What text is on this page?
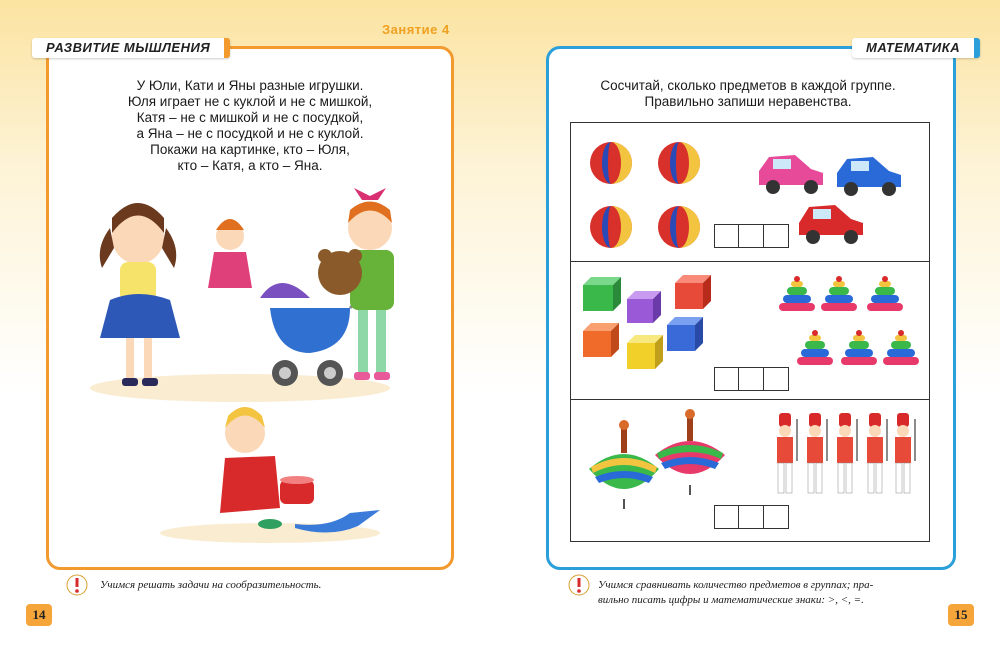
Занятие 4
РАЗВИТИЕ МЫШЛЕНИЯ
У Юли, Кати и Яны разные игрушки.
Юля играет не с куклой и не с мишкой,
Катя – не с мишкой и не с посудкой,
а Яна – не с посудкой и не с куклой.
Покажи на картинке, кто – Юля,
кто – Катя, а кто – Яна.
Учимся решать задачи на сообразительность.
14
МАТЕМАТИКА
Сосчитай, сколько предметов в каждой группе.
Правильно запиши неравенства.
Учимся сравнивать количество предметов в группах; пра-
вильно писать цифры и математические знаки: >, <, =.
15
